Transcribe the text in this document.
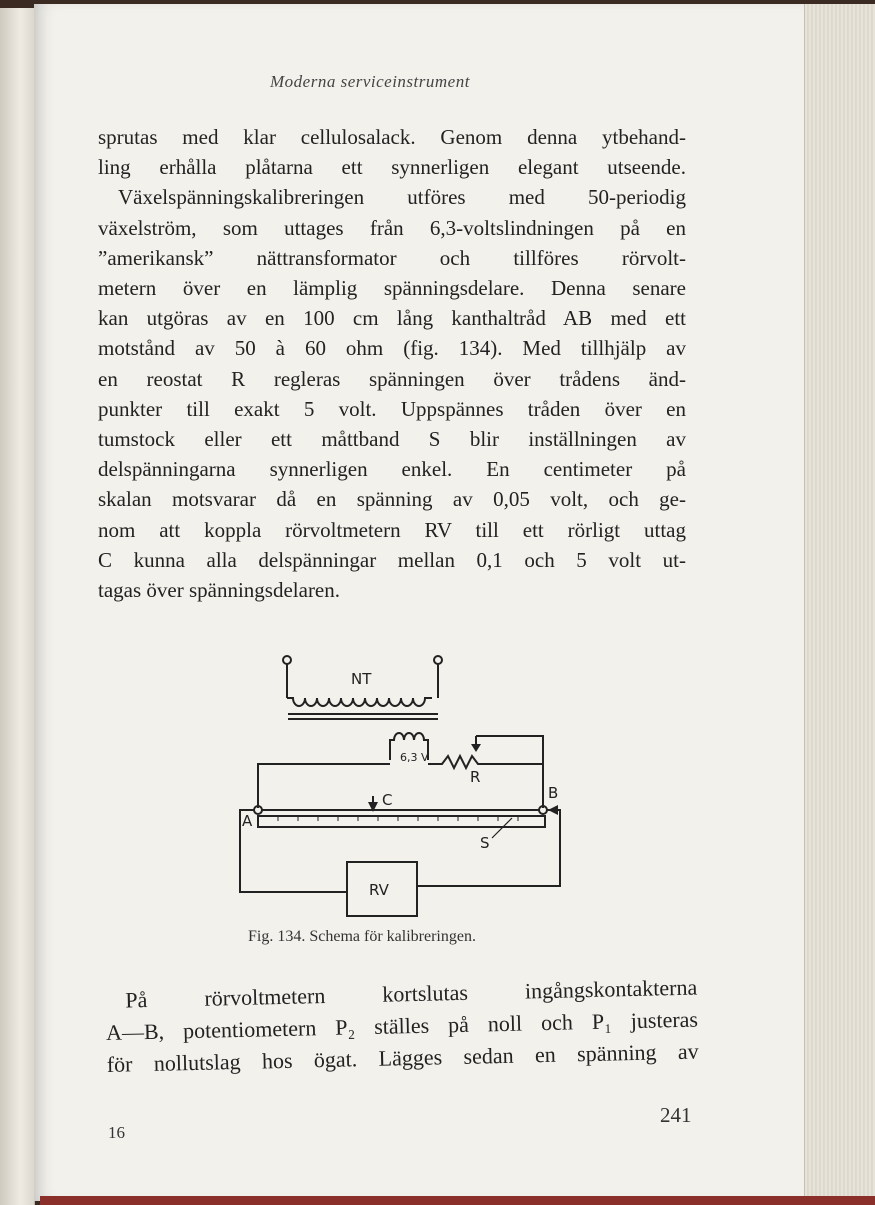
Moderna serviceinstrument
sprutas med klar cellulosalack. Genom denna ytbehand-
ling erhålla plåtarna ett synnerligen elegant utseende.
Växelspänningskalibreringen utföres med 50-periodig
växelström, som uttages från 6,3-voltslindningen på en
”amerikansk” nättransformator och tillföres rörvolt-
metern över en lämplig spänningsdelare. Denna senare
kan utgöras av en 100 cm lång kanthaltråd AB med ett
motstånd av 50 à 60 ohm (fig. 134). Med tillhjälp av
en reostat R regleras spänningen över trådens änd-
punkter till exakt 5 volt. Uppspännes tråden över en
tumstock eller ett måttband S blir inställningen av
delspänningarna synnerligen enkel. En centimeter på
skalan motsvarar då en spänning av 0,05 volt, och ge-
nom att koppla rörvoltmetern RV till ett rörligt uttag
C kunna alla delspänningar mellan 0,1 och 5 volt ut-
tagas över spänningsdelaren.
NT
6,3 V
R
C
A
B
S
RV
Fig. 134. Schema för kalibreringen.
På rörvoltmetern kortslutas ingångskontakterna
A—B, potentiometern P₂ ställes på noll och P₁ justeras
för nollutslag hos ögat. Lägges sedan en spänning av
241
16
